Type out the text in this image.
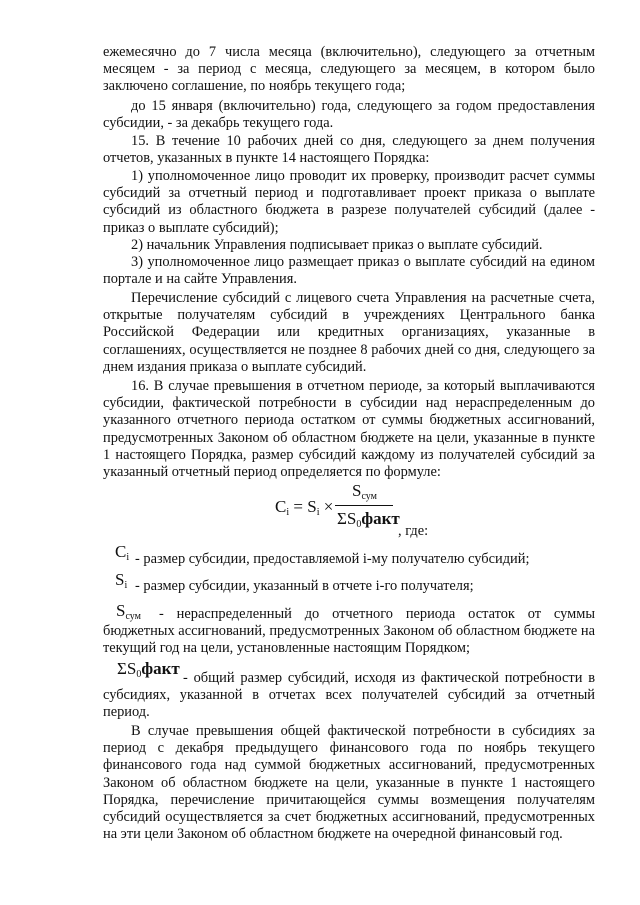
ежемесячно до 7 числа месяца (включительно), следующего за отчетным месяцем - за период с месяца, следующего за месяцем, в котором было заключено соглашение, по ноябрь текущего года;

до 15 января (включительно) года, следующего за годом предоставления субсидии, - за декабрь текущего года.

15. В течение 10 рабочих дней со дня, следующего за днем получения отчетов, указанных в пункте 14 настоящего Порядка:

1) уполномоченное лицо проводит их проверку, производит расчет суммы субсидий за отчетный период и подготавливает проект приказа о выплате субсидий из областного бюджета в разрезе получателей субсидий (далее - приказ о выплате субсидий);

2) начальник Управления подписывает приказ о выплате субсидий.

3) уполномоченное лицо размещает приказ о выплате субсидий на едином портале и на сайте Управления.

Перечисление субсидий с лицевого счета Управления на расчетные счета, открытые получателям субсидий в учреждениях Центрального банка Российской Федерации или кредитных организациях, указанные в соглашениях, осуществляется не позднее 8 рабочих дней со дня, следующего за днем издания приказа о выплате субсидий.

16. В случае превышения в отчетном периоде, за который выплачиваются субсидии, фактической потребности в субсидии над нераспределенным до указанного отчетного периода остатком от суммы бюджетных ассигнований, предусмотренных Законом об областном бюджете на цели, указанные в пункте 1 настоящего Порядка, размер субсидий каждому из получателей субсидий за указанный отчетный период определяется по формуле:

$C_i = S_i$ ×
$S_{сум}$
$\Sigma S_0факт$
, где:
$C_i$ - размер субсидии, предоставляемой i-му получателю субсидий;

$S_i$ - размер субсидии, указанный в отчете i-го получателя;

$S_{сум}$	- нераспределенный до отчетного периода остаток от суммы бюджетных ассигнований, предусмотренных Законом об областном бюджете на текущий год на цели, установленные настоящим Порядком;

$\Sigma S_0факт$ - общий размер субсидий, исходя из фактической потребности в субсидиях, указанной в отчетах всех получателей субсидий за отчетный период.

В случае превышения общей фактической потребности в субсидиях за период с декабря предыдущего финансового года по ноябрь текущего финансового года над суммой бюджетных ассигнований, предусмотренных Законом об областном бюджете на цели, указанные в пункте 1 настоящего Порядка, перечисление причитающейся суммы возмещения получателям субсидий осуществляется за счет бюджетных ассигнований, предусмотренных на эти цели Законом об областном бюджете на очередной финансовый год.
